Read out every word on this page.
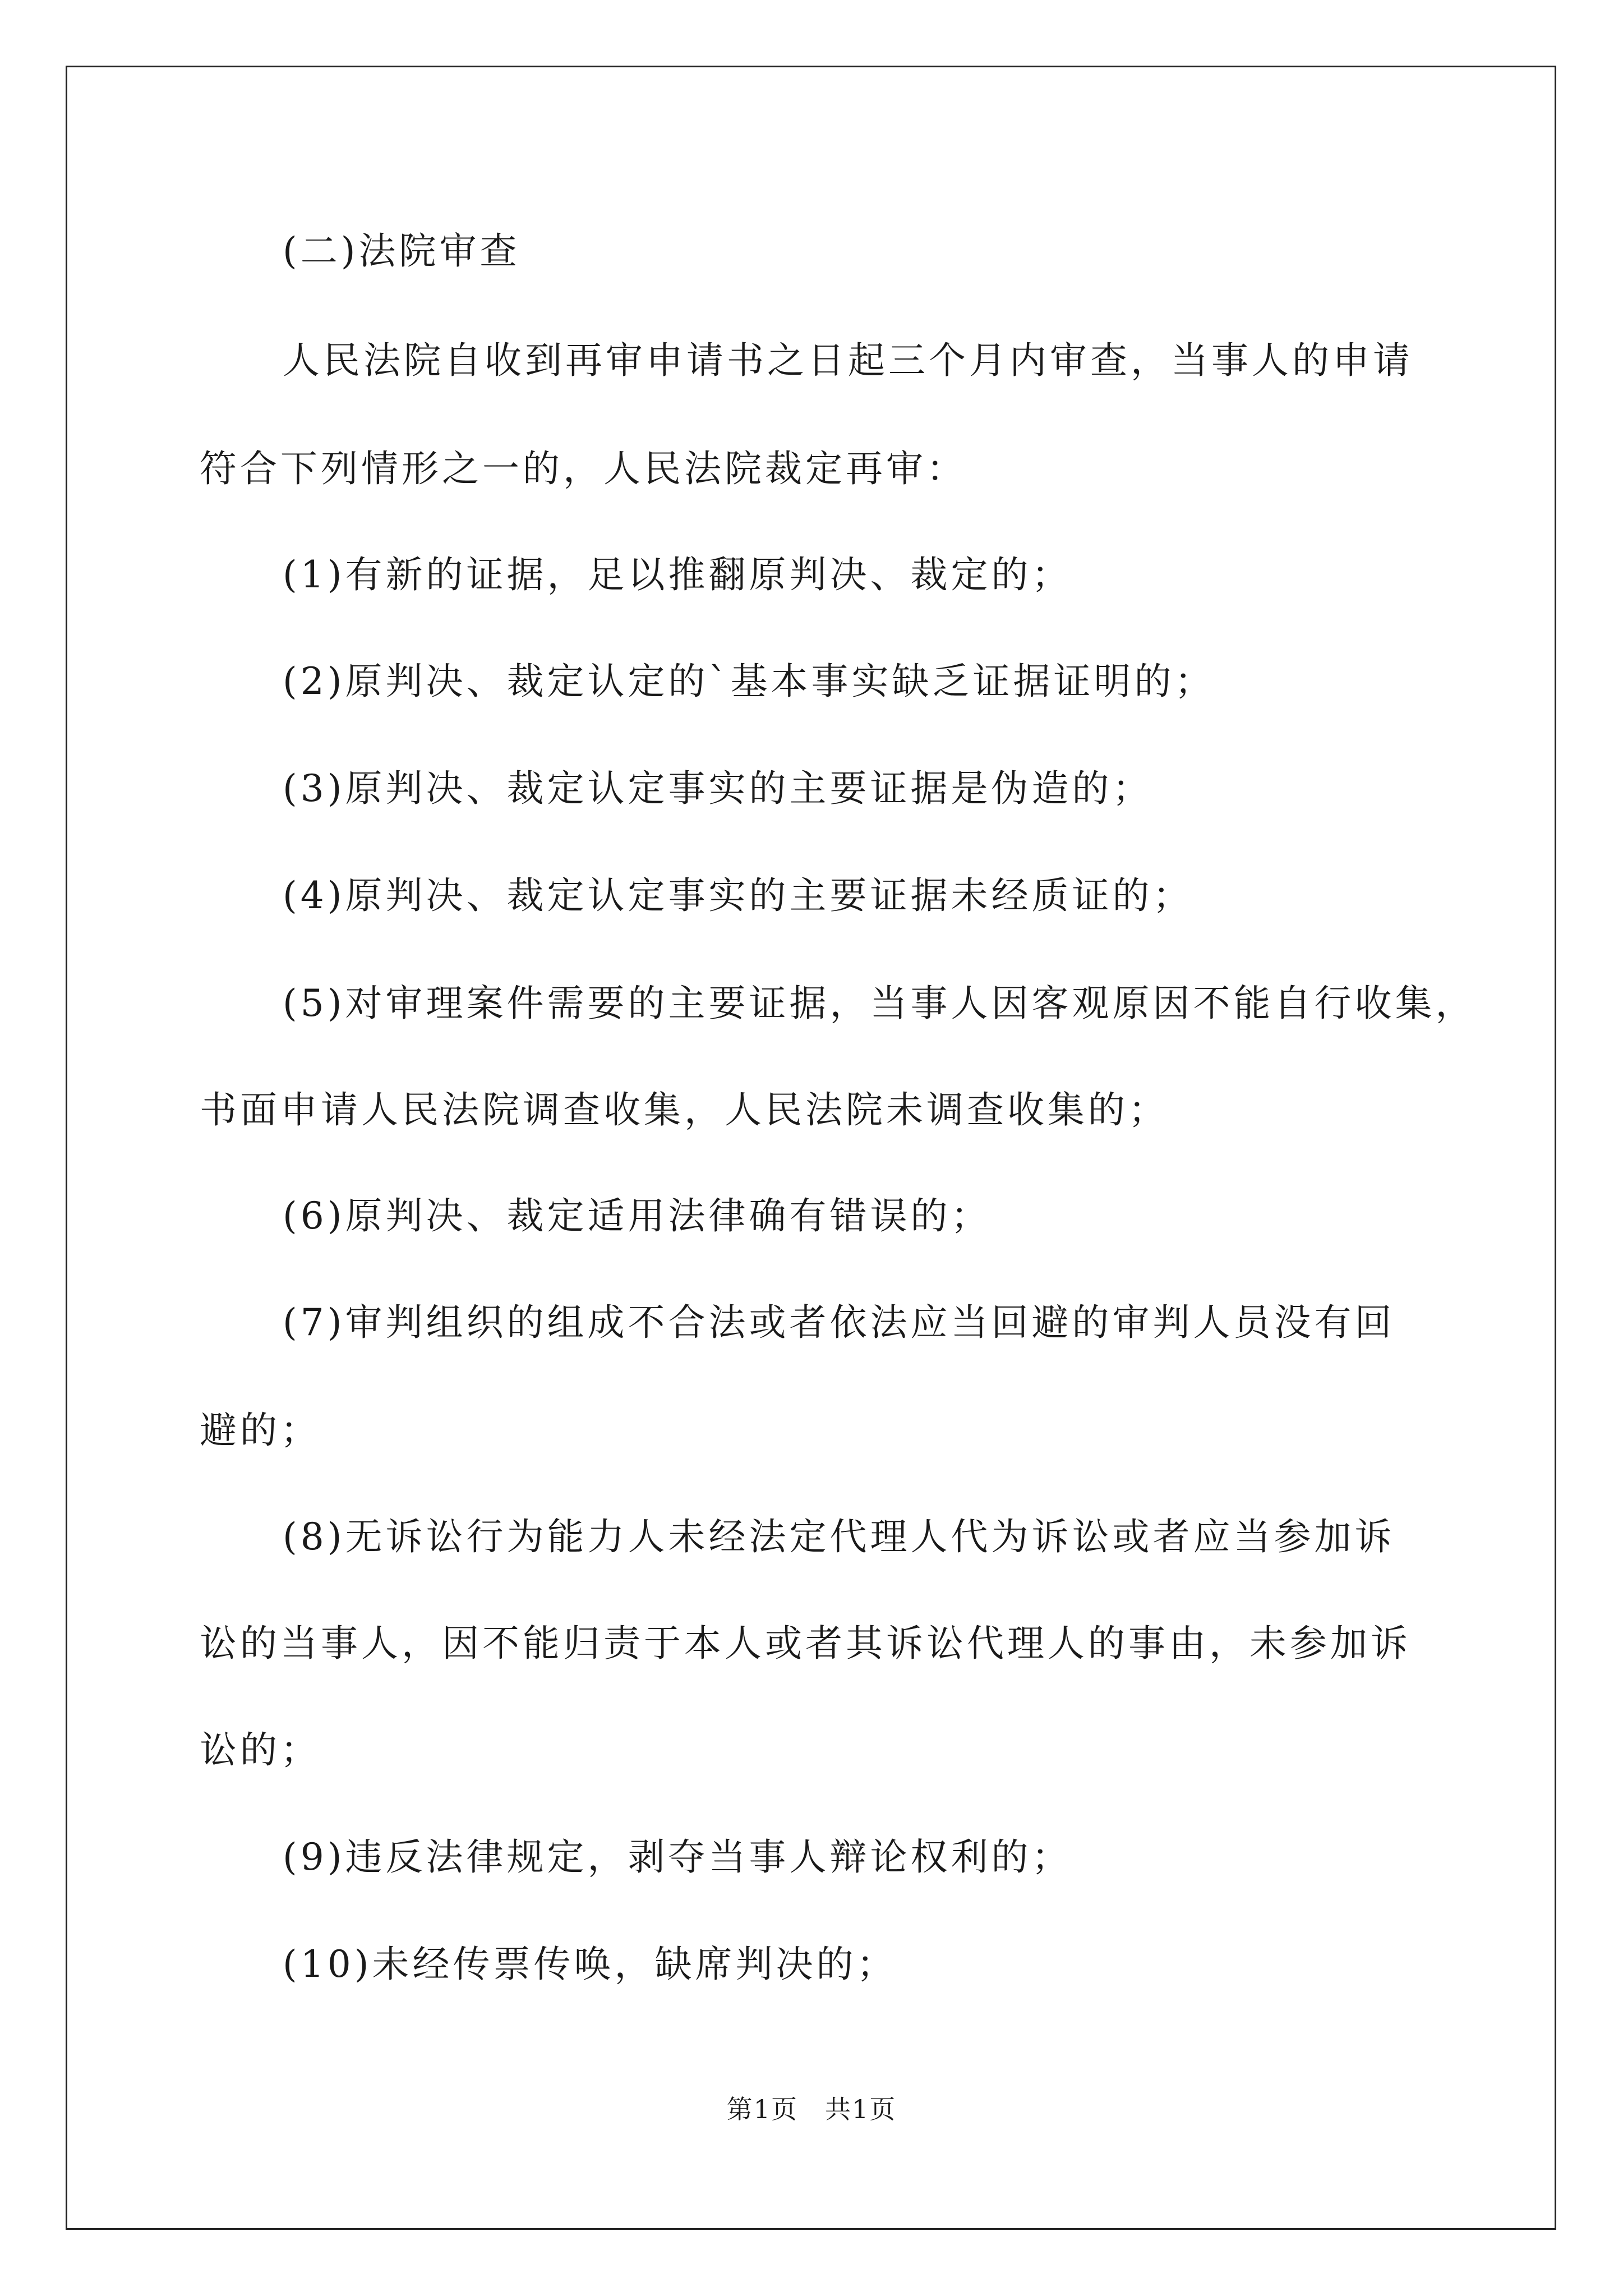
(二)法院审查
人民法院自收到再审申请书之日起三个月内审查，当事人的申请
符合下列情形之一的，人民法院裁定再审：
(1)有新的证据，足以推翻原判决、裁定的；
(2)原判决、裁定认定的`基本事实缺乏证据证明的；
(3)原判决、裁定认定事实的主要证据是伪造的；
(4)原判决、裁定认定事实的主要证据未经质证的；
(5)对审理案件需要的主要证据，当事人因客观原因不能自行收集，
书面申请人民法院调查收集，人民法院未调查收集的；
(6)原判决、裁定适用法律确有错误的；
(7)审判组织的组成不合法或者依法应当回避的审判人员没有回
避的；
(8)无诉讼行为能力人未经法定代理人代为诉讼或者应当参加诉
讼的当事人，因不能归责于本人或者其诉讼代理人的事由，未参加诉
讼的；
(9)违反法律规定，剥夺当事人辩论权利的；
(10)未经传票传唤，缺席判决的；
第1页　共1页
